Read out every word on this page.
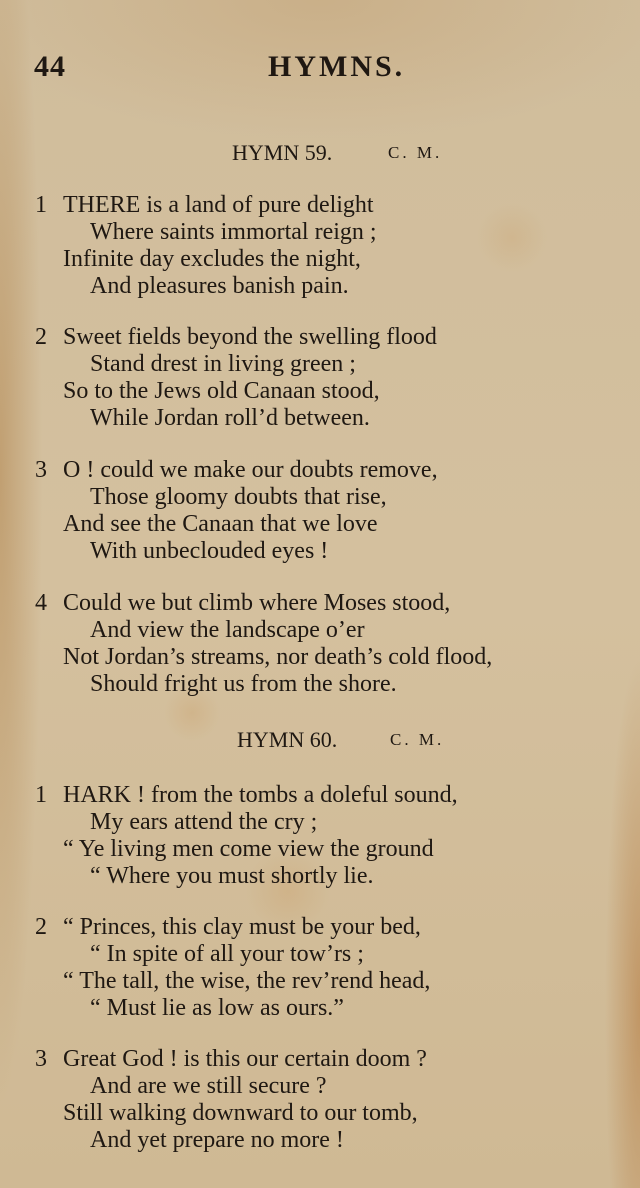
44	HYMNS.
HYMN 59.	C. M.
1 THERE is a land of pure delight
Where saints immortal reign ;
Infinite day excludes the night,
And pleasures banish pain.
2 Sweet fields beyond the swelling flood
Stand drest in living green ;
So to the Jews old Canaan stood,
While Jordan roll’d between.
3 O ! could we make our doubts remove,
Those gloomy doubts that rise,
And see the Canaan that we love
With unbeclouded eyes !
4 Could we but climb where Moses stood,
And view the landscape o’er
Not Jordan’s streams, nor death’s cold flood,
Should fright us from the shore.
HYMN 60.	C. M.
1 HARK ! from the tombs a doleful sound,
My ears attend the cry ;
“ Ye living men come view the ground
“ Where you must shortly lie.
2 “ Princes, this clay must be your bed,
“ In spite of all your tow’rs ;
“ The tall, the wise, the rev’rend head,
“ Must lie as low as ours.”
3 Great God ! is this our certain doom ?
And are we still secure ?
Still walking downward to our tomb,
And yet prepare no more !
